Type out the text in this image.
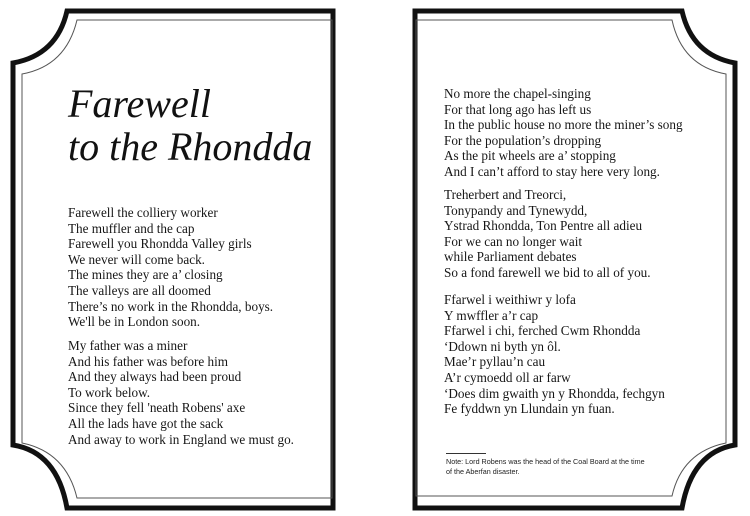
Farewell
to the Rhondda
Farewell the colliery worker
The muffler and the cap
Farewell you Rhondda Valley girls
We never will come back.
The mines they are a’ closing
The valleys are all doomed
There’s no work in the Rhondda, boys.
We'll be in London soon.
My father was a miner
And his father was before him
And they always had been proud
To work below.
Since they fell 'neath Robens' axe
All the lads have got the sack
And away to work in England we must go.
No more the chapel-singing
For that long ago has left us
In the public house no more the miner’s song
For the population’s dropping
As the pit wheels are a’ stopping
And I can’t afford to stay here very long.
Treherbert and Treorci,
Tonypandy and Tynewydd,
Ystrad Rhondda, Ton Pentre all adieu
For we can no longer wait
while Parliament debates
So a fond farewell we bid to all of you.
Ffarwel i weithiwr y lofa
Y mwffler a’r cap
Ffarwel i chi, ferched Cwm Rhondda
‘Ddown ni byth yn ôl.
Mae’r pyllau’n cau
A’r cymoedd oll ar farw
‘Does dim gwaith yn y Rhondda, fechgyn
Fe fyddwn yn Llundain yn fuan.
Note: Lord Robens was the head of the Coal Board at the time
of the Aberfan disaster.
